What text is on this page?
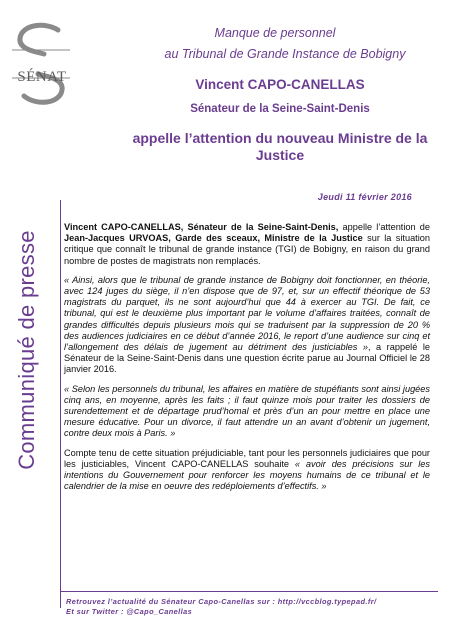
SÉNAT
Manque de personnel
au Tribunal de Grande Instance de Bobigny
Vincent CAPO-CANELLAS
Sénateur de la Seine-Saint-Denis
appelle l’attention du nouveau Ministre de la Justice
Communiqué de presse
Jeudi 11 février 2016

Vincent CAPO-CANELLAS, Sénateur de la Seine-Saint-Denis, appelle l’attention de Jean-Jacques URVOAS, Garde des sceaux, Ministre de la Justice sur la situation critique que connaît le tribunal de grande instance (TGI) de Bobigny, en raison du grand nombre de postes de magistrats non remplacés.

« Ainsi, alors que le tribunal de grande instance de Bobigny doit fonctionner, en théorie, avec 124 juges du siège, il n’en dispose que de 97, et, sur un effectif théorique de 53 magistrats du parquet, ils ne sont aujourd’hui que 44 à exercer au TGI. De fait, ce tribunal, qui est le deuxième plus important par le volume d’affaires traitées, connaît de grandes difficultés depuis plusieurs mois qui se traduisent par la suppression de 20 % des audiences judiciaires en ce début d’année 2016, le report d’une audience sur cinq et l’allongement des délais de jugement au détriment des justiciables », a rappelé le Sénateur de la Seine-Saint-Denis dans une question écrite parue au Journal Officiel le 28 janvier 2016.

« Selon les personnels du tribunal, les affaires en matière de stupéfiants sont ainsi jugées cinq ans, en moyenne, après les faits ; il faut quinze mois pour traiter les dossiers de surendettement et de départage prud’homal et près d’un an pour mettre en place une mesure éducative. Pour un divorce, il faut attendre un an avant d’obtenir un jugement, contre deux mois à Paris. »

Compte tenu de cette situation préjudiciable, tant pour les personnels judiciaires que pour les justiciables, Vincent CAPO-CANELLAS souhaite « avoir des précisions sur les intentions du Gouvernement pour renforcer les moyens humains de ce tribunal et le calendrier de la mise en oeuvre des redéploiements d’effectifs. »

Retrouvez l’actualité du Sénateur Capo-Canellas sur : http://vccblog.typepad.fr/
Et sur Twitter : @Capo_Canellas
